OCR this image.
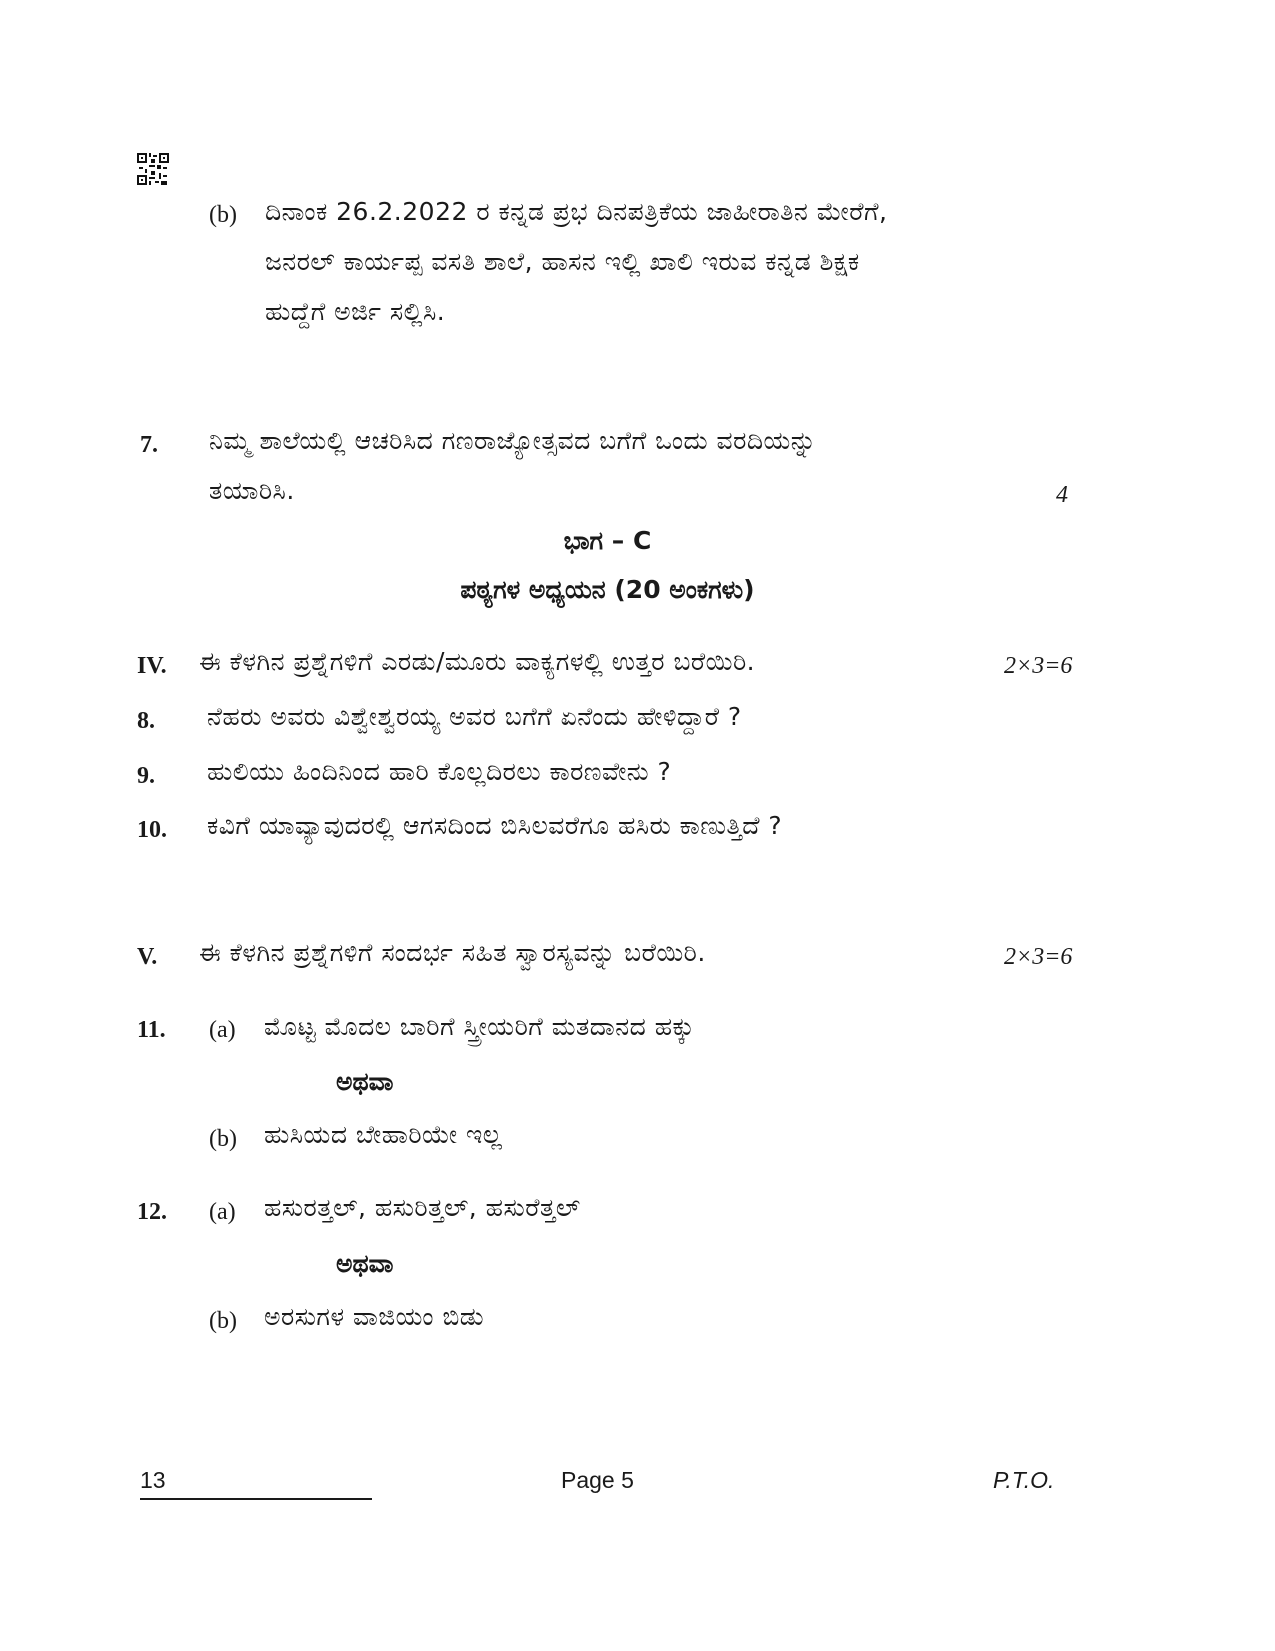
(b) ದಿನಾಂಕ 26.2.2022 ರ ಕನ್ನಡ ಪ್ರಭ ದಿನಪತ್ರಿಕೆಯ ಜಾಹೀರಾತಿನ ಮೇರೆಗೆ,
ಜನರಲ್ ಕಾರ್ಯಪ್ಪ ವಸತಿ ಶಾಲೆ, ಹಾಸನ ಇಲ್ಲಿ ಖಾಲಿ ಇರುವ ಕನ್ನಡ ಶಿಕ್ಷಕ
ಹುದ್ದೆಗೆ ಅರ್ಜಿ ಸಲ್ಲಿಸಿ.
7. ನಿಮ್ಮ ಶಾಲೆಯಲ್ಲಿ ಆಚರಿಸಿದ ಗಣರಾಜ್ಯೋತ್ಸವದ ಬಗೆಗೆ ಒಂದು ವರದಿಯನ್ನು
ತಯಾರಿಸಿ.	4
ಭಾಗ – C
ಪಠ್ಯಗಳ ಅಧ್ಯಯನ (20 ಅಂಕಗಳು)
IV. ಈ ಕೆಳಗಿನ ಪ್ರಶ್ನೆಗಳಿಗೆ ಎರಡು/ಮೂರು ವಾಕ್ಯಗಳಲ್ಲಿ ಉತ್ತರ ಬರೆಯಿರಿ.	2×3=6
8. ನೆಹರು ಅವರು ವಿಶ್ವೇಶ್ವರಯ್ಯ ಅವರ ಬಗೆಗೆ ಏನೆಂದು ಹೇಳಿದ್ದಾರೆ ?
9. ಹುಲಿಯು ಹಿಂದಿನಿಂದ ಹಾರಿ ಕೊಲ್ಲದಿರಲು ಕಾರಣವೇನು ?
10. ಕವಿಗೆ ಯಾವ್ಯಾವುದರಲ್ಲಿ ಆಗಸದಿಂದ ಬಿಸಿಲವರೆಗೂ ಹಸಿರು ಕಾಣುತ್ತಿದೆ ?
V. ಈ ಕೆಳಗಿನ ಪ್ರಶ್ನೆಗಳಿಗೆ ಸಂದರ್ಭ ಸಹಿತ ಸ್ವಾರಸ್ಯವನ್ನು ಬರೆಯಿರಿ.	2×3=6
11. (a) ಮೊಟ್ಟ ಮೊದಲ ಬಾರಿಗೆ ಸ್ತ್ರೀಯರಿಗೆ ಮತದಾನದ ಹಕ್ಕು
ಅಥವಾ
(b) ಹುಸಿಯದ ಬೇಹಾರಿಯೇ ಇಲ್ಲ
12. (a) ಹಸುರತ್ತಲ್, ಹಸುರಿತ್ತಲ್, ಹಸುರೆತ್ತಲ್
ಅಥವಾ
(b) ಅರಸುಗಳ ವಾಜಿಯಂ ಬಿಡು
13	Page 5	P.T.O.
